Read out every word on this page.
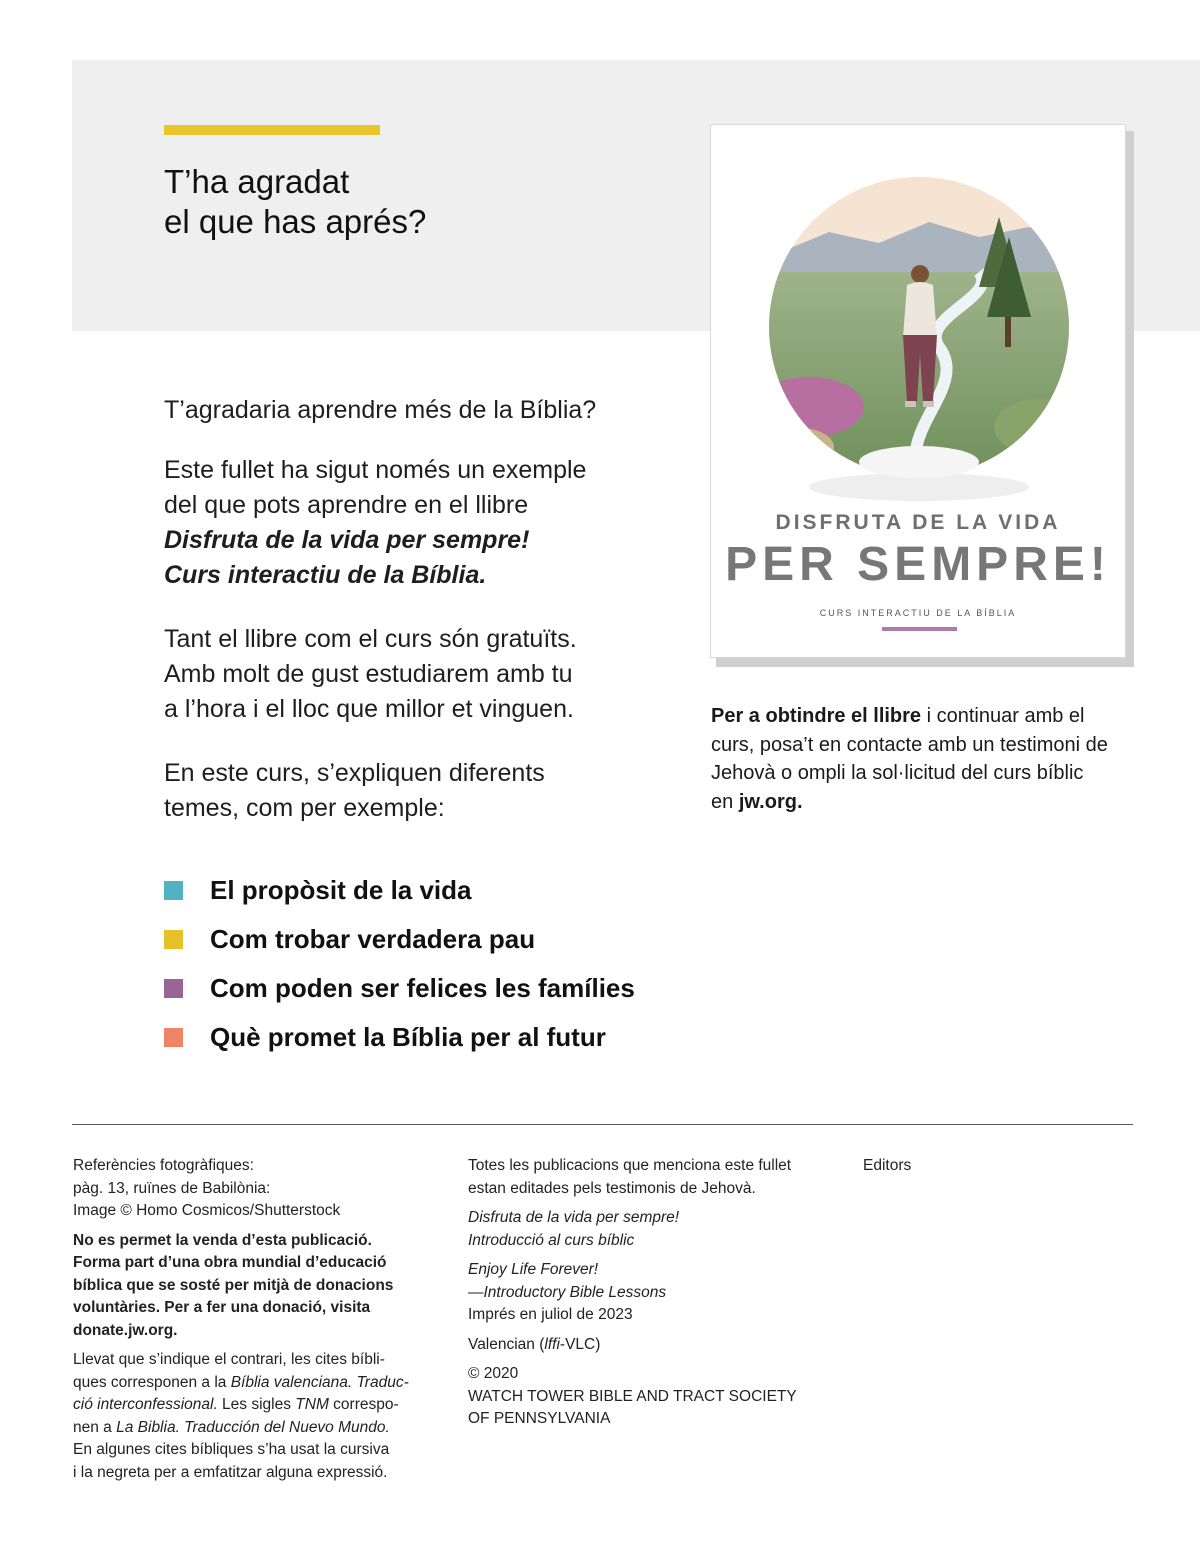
T’ha agradat
el que has aprés?
T’agradaria aprendre més de la Bíblia?
Este fullet ha sigut només un exemple
del que pots aprendre en el llibre
Disfruta de la vida per sempre!
Curs interactiu de la Bíblia.
Tant el llibre com el curs són gratuïts.
Amb molt de gust estudiarem amb tu
a l’hora i el lloc que millor et vinguen.
En este curs, s’expliquen diferents
temes, com per exemple:
El propòsit de la vida
Com trobar verdadera pau
Com poden ser felices les famílies
Què promet la Bíblia per al futur
DISFRUTA DE LA VIDA
PER SEMPRE!
CURS INTERACTIU DE LA BÍBLIA
Per a obtindre el llibre i continuar amb el curs, posa’t en contacte amb un testimoni de Jehovà o ompli la sol·licitud del curs bíblic en jw.org.
Referències fotogràfiques:
pàg. 13, ruïnes de Babilònia:
Image © Homo Cosmicos/Shutterstock
No es permet la venda d’esta publicació.
Forma part d’una obra mundial d’educació
bíblica que se sosté per mitjà de donacions
voluntàries. Per a fer una donació, visita
donate.jw.org.
Llevat que s’indique el contrari, les cites bíbli-
ques corresponen a la Bíblia valenciana. Traduc-
ció interconfessional. Les sigles TNM correspo-
nen a La Biblia. Traducción del Nuevo Mundo.
En algunes cites bíbliques s’ha usat la cursiva
i la negreta per a emfatitzar alguna expressió.
Totes les publicacions que menciona este fullet
estan editades pels testimonis de Jehovà.
Disfruta de la vida per sempre!
Introducció al curs bíblic
Enjoy Life Forever!
—Introductory Bible Lessons
Imprés en juliol de 2023
Valencian (lffi-VLC)
© 2020
WATCH TOWER BIBLE AND TRACT SOCIETY
OF PENNSYLVANIA
Editors
